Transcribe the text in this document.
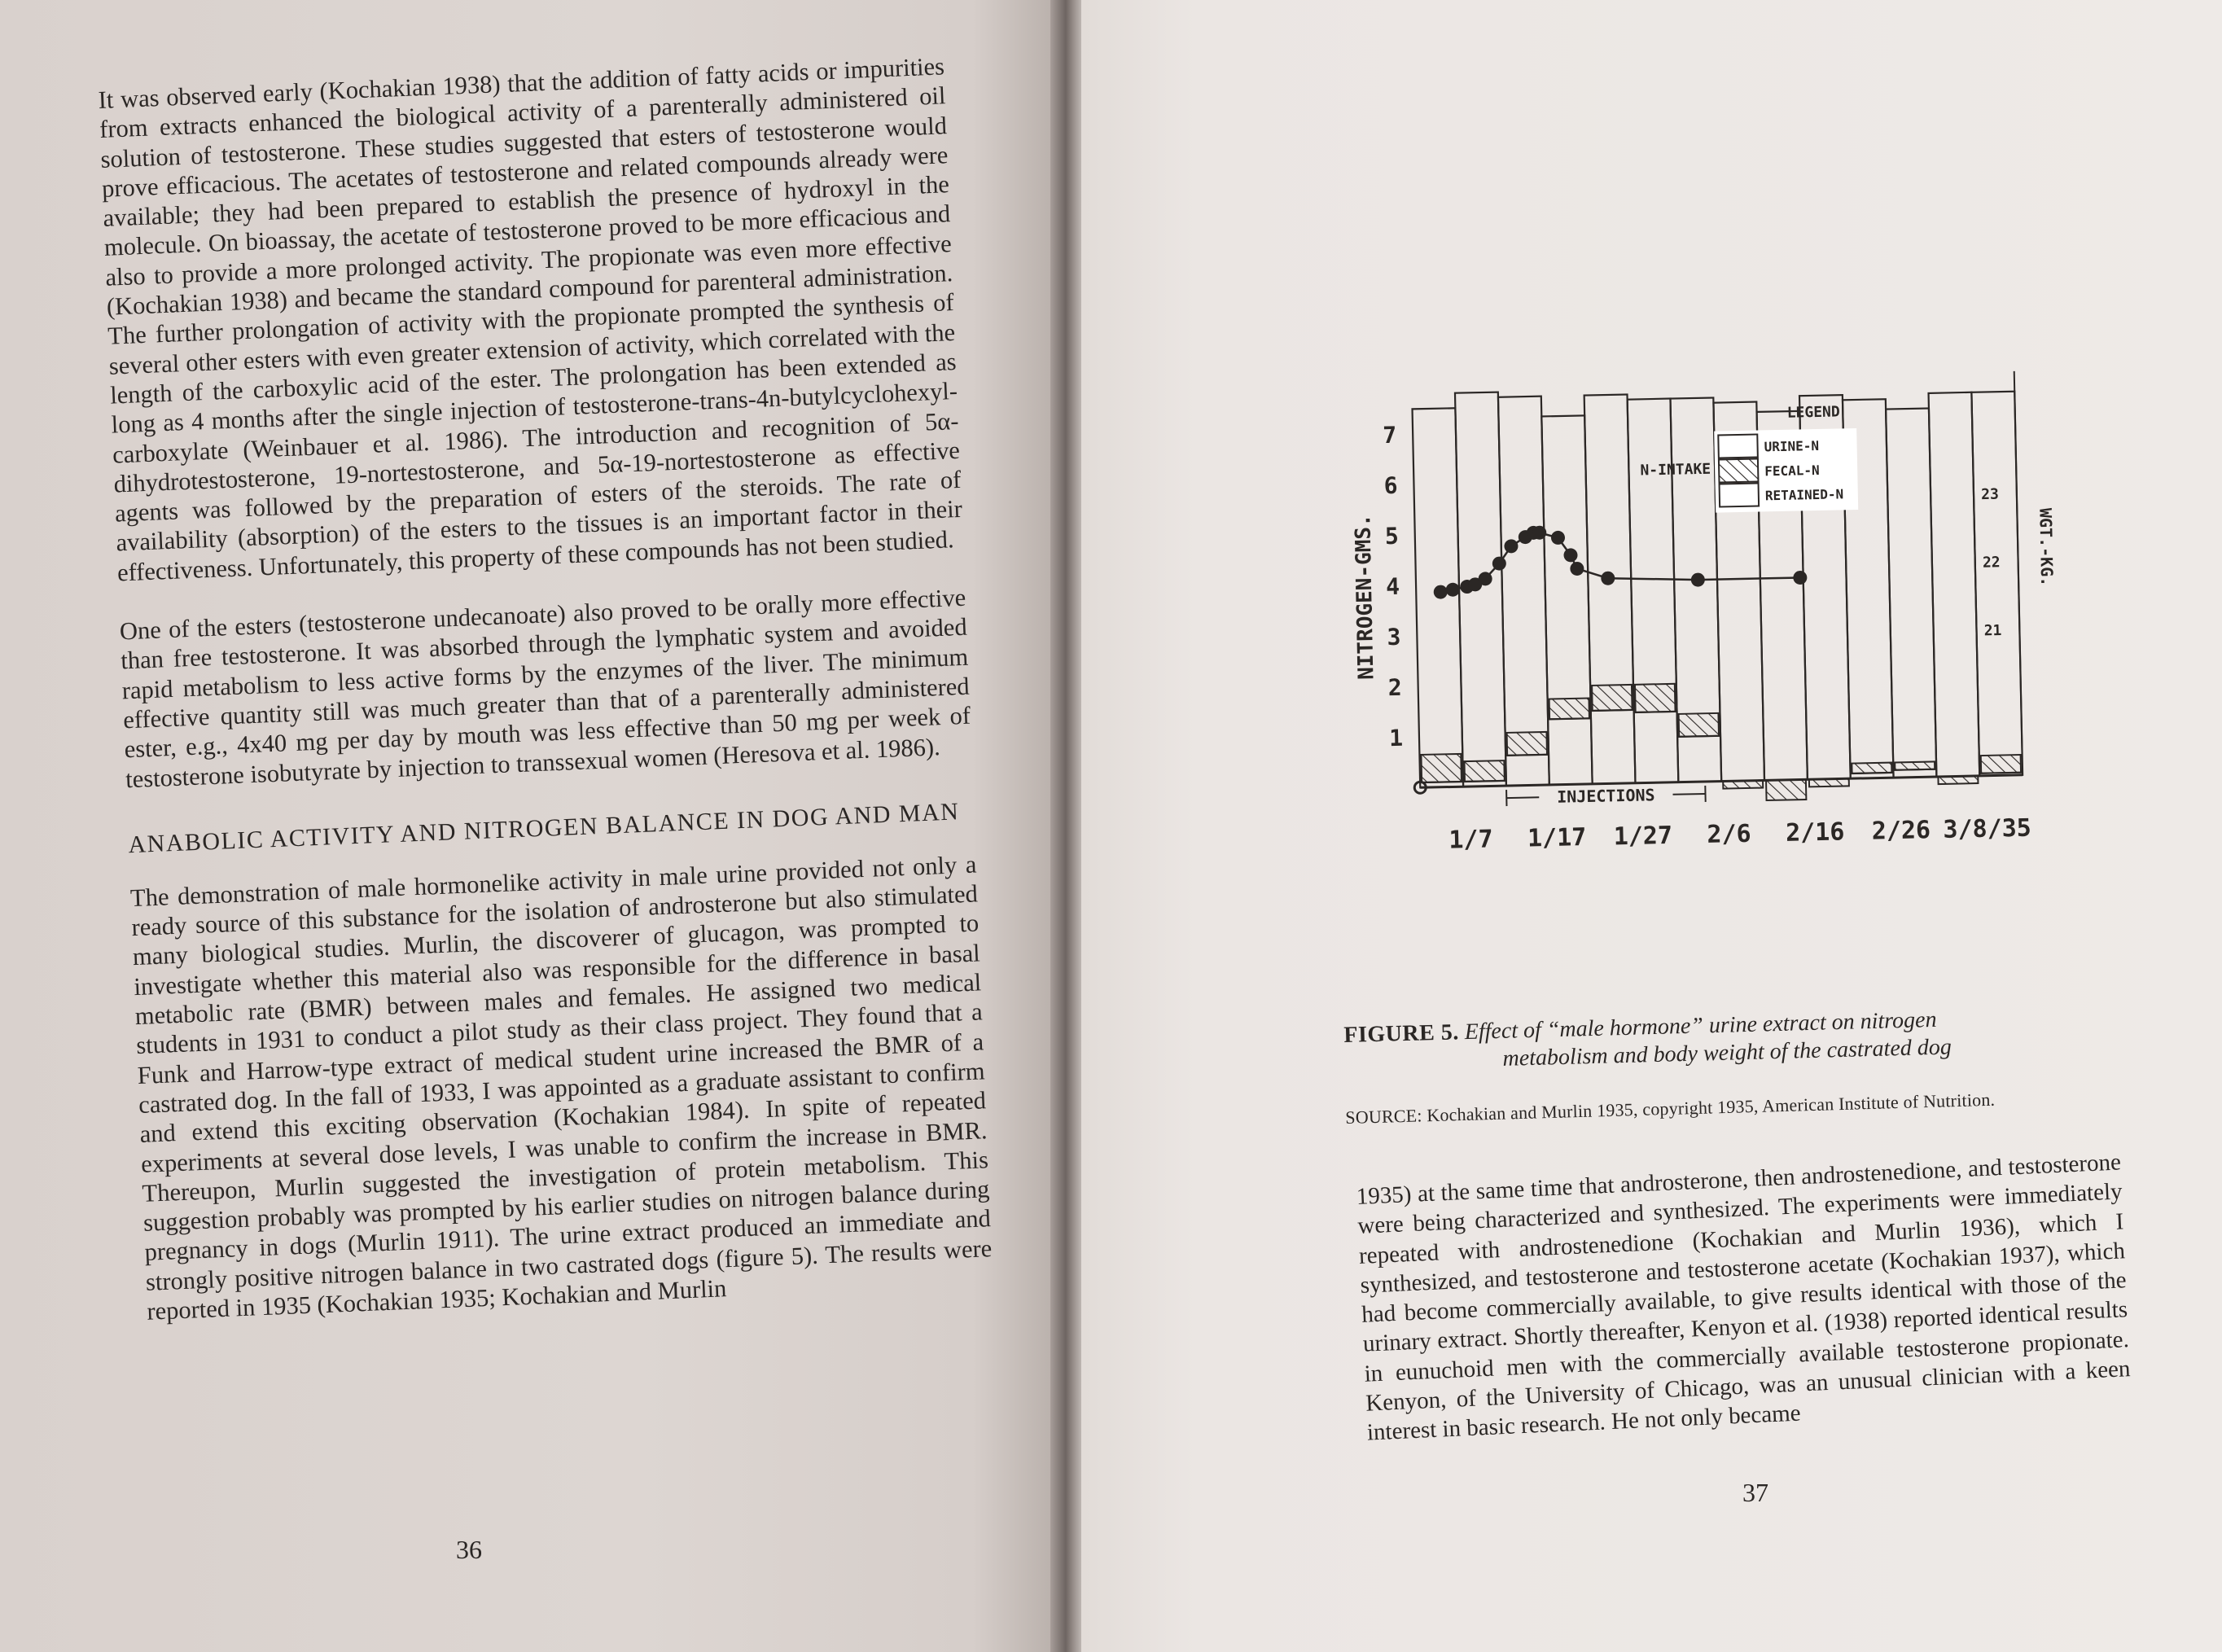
It was observed early (Kochakian 1938) that the addition of fatty acids or impurities from extracts enhanced the biological activity of a parenterally administered oil solution of testosterone. These studies suggested that esters of testosterone would prove efficacious. The acetates of testosterone and related compounds already were available; they had been prepared to establish the presence of hydroxyl in the molecule. On bioassay, the acetate of testosterone proved to be more efficacious and also to provide a more prolonged activity. The propionate was even more effective (Kochakian 1938) and became the standard compound for parenteral administration. The further prolongation of activity with the propionate prompted the synthesis of several other esters with even greater extension of activity, which correlated with the length of the carboxylic acid of the ester. The prolongation has been extended as long as 4 months after the single injection of testosterone-trans-4n-butylcyclohexyl-carboxylate (Weinbauer et al. 1986). The introduction and recognition of 5α-dihydrotestosterone, 19-nortestosterone, and 5α-19-nortestosterone as effective agents was followed by the preparation of esters of the steroids. The rate of availability (absorption) of the esters to the tissues is an important factor in their effectiveness. Unfortunately, this property of these compounds has not been studied.

One of the esters (testosterone undecanoate) also proved to be orally more effective than free testosterone. It was absorbed through the lymphatic system and avoided rapid metabolism to less active forms by the enzymes of the liver. The minimum effective quantity still was much greater than that of a parenterally administered ester, e.g., 4x40 mg per day by mouth was less effective than 50 mg per week of testosterone isobutyrate by injection to transsexual women (Heresova et al. 1986).

ANABOLIC ACTIVITY AND NITROGEN BALANCE IN DOG AND MAN

The demonstration of male hormonelike activity in male urine provided not only a ready source of this substance for the isolation of androsterone but also stimulated many biological studies. Murlin, the discoverer of glucagon, was prompted to investigate whether this material also was responsible for the difference in basal metabolic rate (BMR) between males and females. He assigned two medical students in 1931 to conduct a pilot study as their class project. They found that a Funk and Harrow-type extract of medical student urine increased the BMR of a castrated dog. In the fall of 1933, I was appointed as a graduate assistant to confirm and extend this exciting observation (Kochakian 1984). In spite of repeated experiments at several dose levels, I was unable to confirm the increase in BMR. Thereupon, Murlin suggested the investigation of protein metabolism. This suggestion probably was prompted by his earlier studies on nitrogen balance during pregnancy in dogs (Murlin 1911). The urine extract produced an immediate and strongly positive nitrogen balance in two castrated dogs (figure 5). The results were reported in 1935 (Kochakian 1935; Kochakian and Murlin

36
1
2
3
4
5
6
7
1/7 1/17 1/27 2/6 2/16 2/26 3/8/35
21
22
23
NITROGEN-GMS.	WGT.-KG.
LEGEND
N-INTAKE
URINE-N
FECAL-N
RETAINED-N
INJECTIONS
FIGURE 5. Effect of “male hormone” urine extract on nitrogen
metabolism and body weight of the castrated dog
SOURCE: Kochakian and Murlin 1935, copyright 1935, American Institute of Nutrition.

1935) at the same time that androsterone, then androstenedione, and testosterone were being characterized and synthesized. The experiments were immediately repeated with androstenedione (Kochakian and Murlin 1936), which I synthesized, and testosterone and testosterone acetate (Kochakian 1937), which had become commercially available, to give results identical with those of the urinary extract. Shortly thereafter, Kenyon et al. (1938) reported identical results in eunuchoid men with the commercially available testosterone propionate. Kenyon, of the University of Chicago, was an unusual clinician with a keen interest in basic research. He not only became

37
